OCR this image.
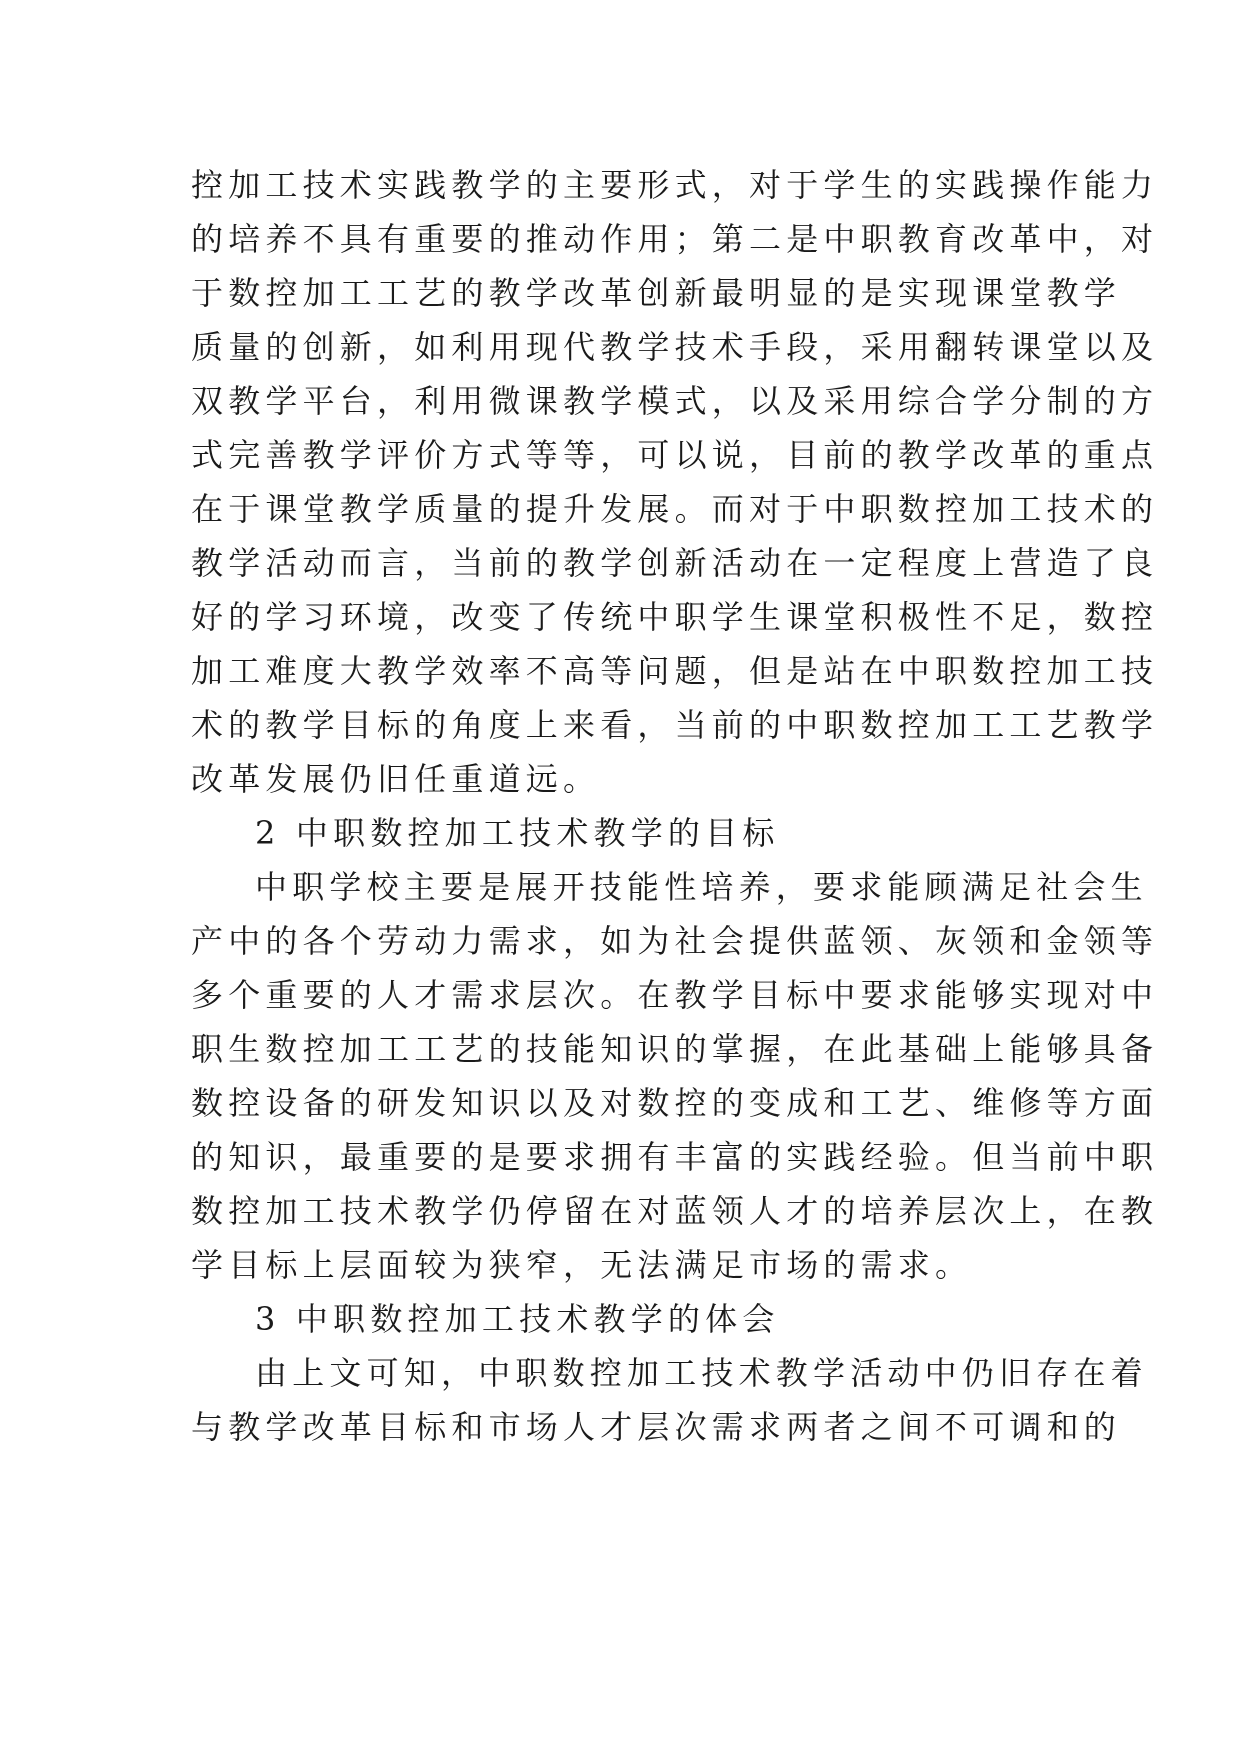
控加工技术实践教学的主要形式，对于学生的实践操作能力
的培养不具有重要的推动作用；第二是中职教育改革中，对
于数控加工工艺的教学改革创新最明显的是实现课堂教学
质量的创新，如利用现代教学技术手段，采用翻转课堂以及
双教学平台，利用微课教学模式，以及采用综合学分制的方
式完善教学评价方式等等，可以说，目前的教学改革的重点
在于课堂教学质量的提升发展。而对于中职数控加工技术的
教学活动而言，当前的教学创新活动在一定程度上营造了良
好的学习环境，改变了传统中职学生课堂积极性不足，数控
加工难度大教学效率不高等问题，但是站在中职数控加工技
术的教学目标的角度上来看，当前的中职数控加工工艺教学
改革发展仍旧任重道远。
2 中职数控加工技术教学的目标
中职学校主要是展开技能性培养，要求能顾满足社会生
产中的各个劳动力需求，如为社会提供蓝领、灰领和金领等
多个重要的人才需求层次。在教学目标中要求能够实现对中
职生数控加工工艺的技能知识的掌握，在此基础上能够具备
数控设备的研发知识以及对数控的变成和工艺、维修等方面
的知识，最重要的是要求拥有丰富的实践经验。但当前中职
数控加工技术教学仍停留在对蓝领人才的培养层次上，在教
学目标上层面较为狭窄，无法满足市场的需求。
3 中职数控加工技术教学的体会
由上文可知，中职数控加工技术教学活动中仍旧存在着
与教学改革目标和市场人才层次需求两者之间不可调和的
